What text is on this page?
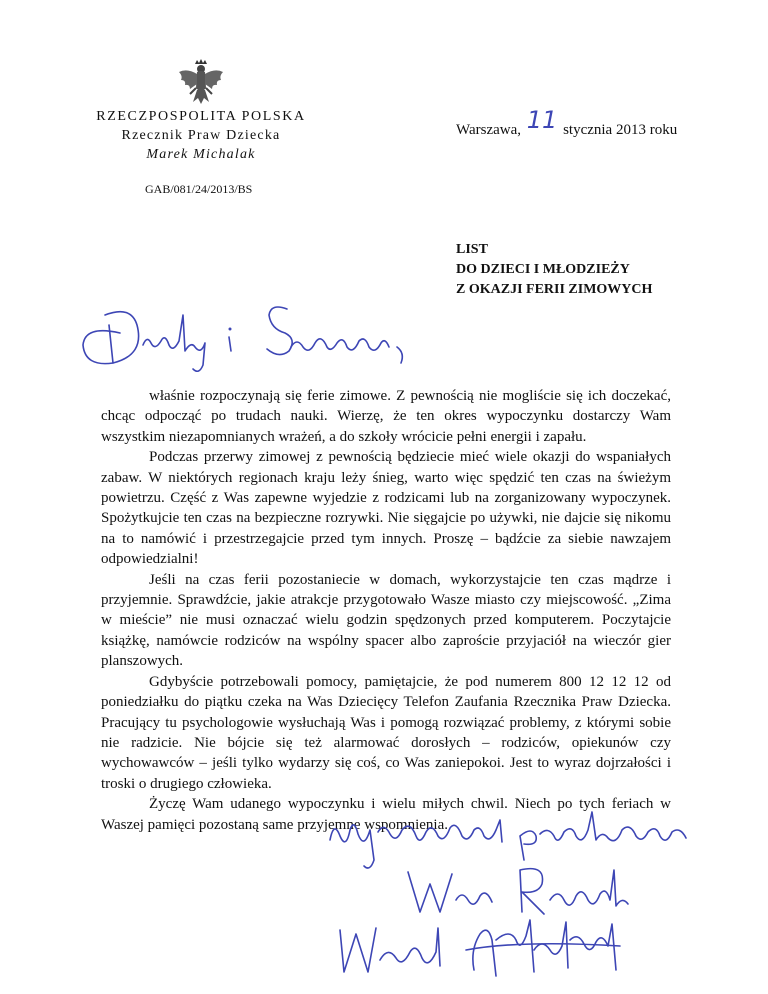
RZECZPOSPOLITA POLSKA
Rzecznik Praw Dziecka
Marek Michalak
GAB/081/24/2013/BS
Warszawa, 11 stycznia 2013 roku
LIST
DO DZIECI I MŁODZIEŻY
Z OKAZJI FERII ZIMOWYCH

właśnie rozpoczynają się ferie zimowe. Z pewnością nie mogliście się ich doczekać, chcąc odpocząć po trudach nauki. Wierzę, że ten okres wypoczynku dostarczy Wam wszystkim niezapomnianych wrażeń, a do szkoły wrócicie pełni energii i zapału.

Podczas przerwy zimowej z pewnością będziecie mieć wiele okazji do wspaniałych zabaw. W niektórych regionach kraju leży śnieg, warto więc spędzić ten czas na świeżym powietrzu. Część z Was zapewne wyjedzie z rodzicami lub na zorganizowany wypoczynek. Spożytkujcie ten czas na bezpieczne rozrywki. Nie sięgajcie po używki, nie dajcie się nikomu na to namówić i przestrzegajcie przed tym innych. Proszę – bądźcie za siebie nawzajem odpowiedzialni!

Jeśli na czas ferii pozostaniecie w domach, wykorzystajcie ten czas mądrze i przyjemnie. Sprawdźcie, jakie atrakcje przygotowało Wasze miasto czy miejscowość. „Zima w mieście” nie musi oznaczać wielu godzin spędzonych przed komputerem. Poczytajcie książkę, namówcie rodziców na wspólny spacer albo zaproście przyjaciół na wieczór gier planszowych.

Gdybyście potrzebowali pomocy, pamiętajcie, że pod numerem 800 12 12 12 od poniedziałku do piątku czeka na Was Dziecięcy Telefon Zaufania Rzecznika Praw Dziecka. Pracujący tu psychologowie wysłuchają Was i pomogą rozwiązać problemy, z którymi sobie nie radzicie. Nie bójcie się też alarmować dorosłych – rodziców, opiekunów czy wychowawców – jeśli tylko wydarzy się coś, co Was zaniepokoi. Jest to wyraz dojrzałości i troski o drugiego człowieka.

Życzę Wam udanego wypoczynku i wielu miłych chwil. Niech po tych feriach w Waszej pamięci pozostaną same przyjemne wspomnienia.
